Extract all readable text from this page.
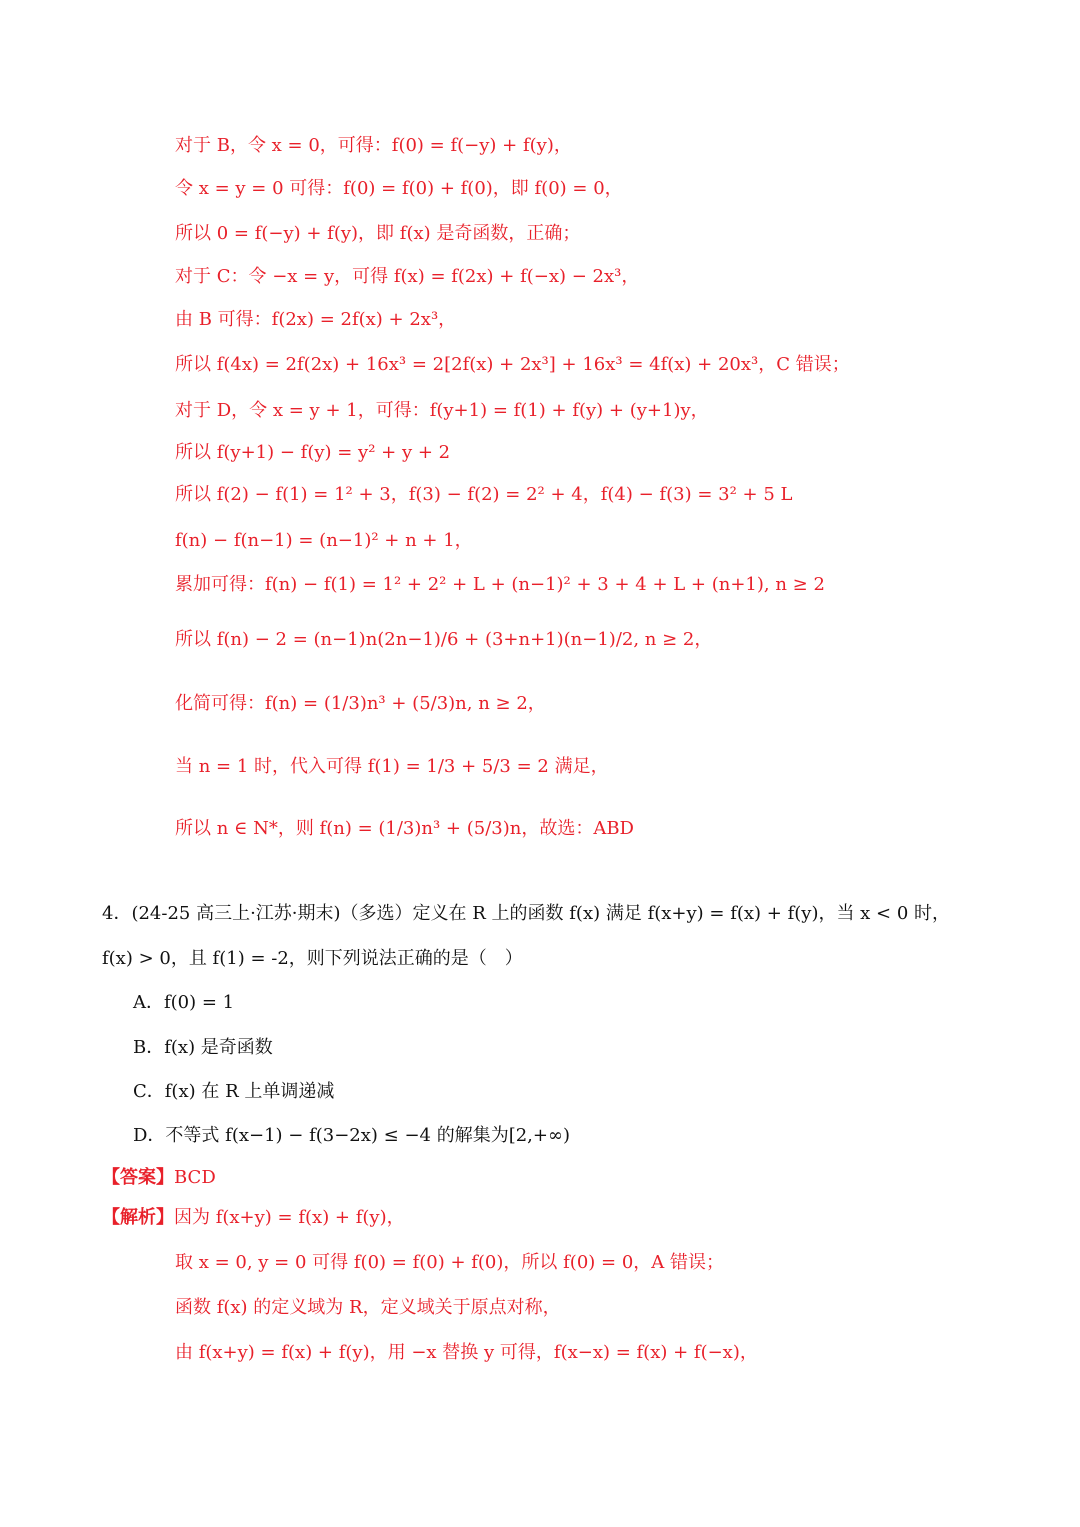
对于 B，令 x = 0，可得：f(0) = f(−y) + f(y)，
令 x = y = 0 可得：f(0) = f(0) + f(0)，即 f(0) = 0，
所以 0 = f(−y) + f(y)，即 f(x) 是奇函数，正确；
对于 C：令 −x = y，可得 f(x) = f(2x) + f(−x) − 2x³，
由 B 可得：f(2x) = 2f(x) + 2x³，
所以 f(4x) = 2f(2x) + 16x³ = 2[2f(x) + 2x³] + 16x³ = 4f(x) + 20x³，C 错误；
对于 D，令 x = y + 1，可得：f(y+1) = f(1) + f(y) + (y+1)y，
所以 f(y+1) − f(y) = y² + y + 2
所以 f(2) − f(1) = 1² + 3，f(3) − f(2) = 2² + 4，f(4) − f(3) = 3² + 5 L
f(n) − f(n−1) = (n−1)² + n + 1，
累加可得：f(n) − f(1) = 1² + 2² + L + (n−1)² + 3 + 4 + L + (n+1), n ≥ 2
所以 f(n) − 2 = (n−1)n(2n−1)/6 + (3+n+1)(n−1)/2, n ≥ 2，
化简可得：f(n) = (1/3)n³ + (5/3)n, n ≥ 2，
当 n = 1 时，代入可得 f(1) = 1/3 + 5/3 = 2 满足，
所以 n ∈ N*，则 f(n) = (1/3)n³ + (5/3)n，故选：ABD
4．(24-25 高三上·江苏·期末)（多选）定义在 R 上的函数 f(x) 满足 f(x+y) = f(x) + f(y)，当 x < 0 时，
f(x) > 0，且 f(1) = -2，则下列说法正确的是（　）
A．f(0) = 1
B．f(x) 是奇函数
C．f(x) 在 R 上单调递减
D．不等式 f(x−1) − f(3−2x) ≤ −4 的解集为[2,+∞)
【答案】BCD
【解析】因为 f(x+y) = f(x) + f(y)，
取 x = 0, y = 0 可得 f(0) = f(0) + f(0)，所以 f(0) = 0，A 错误；
函数 f(x) 的定义域为 R，定义域关于原点对称，
由 f(x+y) = f(x) + f(y)，用 −x 替换 y 可得，f(x−x) = f(x) + f(−x)，
